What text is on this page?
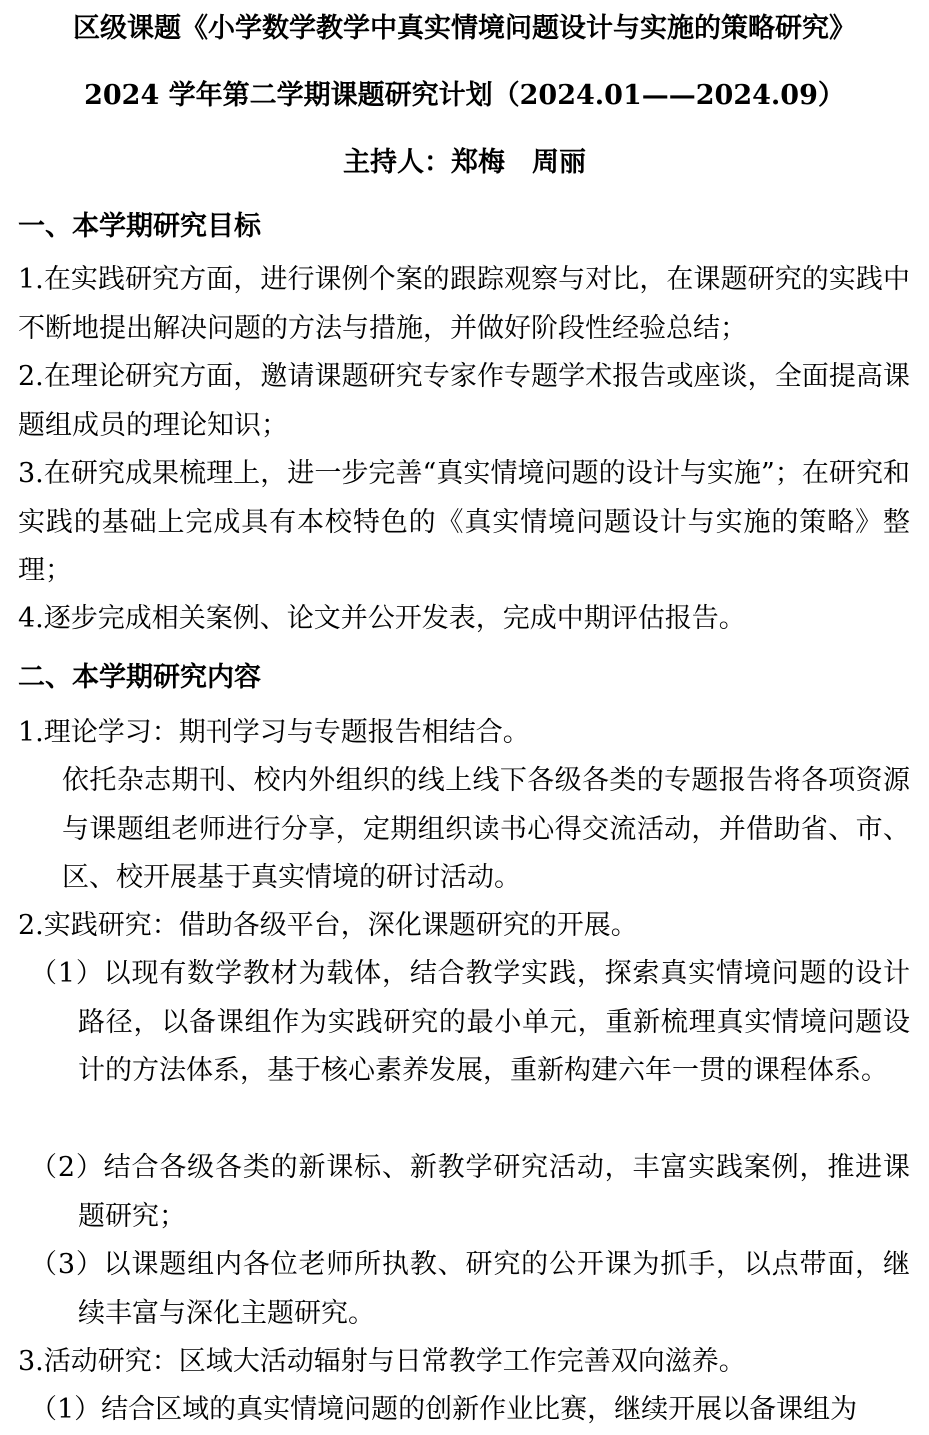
区级课题《小学数学教学中真实情境问题设计与实施的策略研究》
2024 学年第二学期课题研究计划（2024.01——2024.09）
主持人：郑梅　周丽
一、本学期研究目标

1.在实践研究方面，进行课例个案的跟踪观察与对比，在课题研究的实践中不断地提出解决问题的方法与措施，并做好阶段性经验总结；

2.在理论研究方面，邀请课题研究专家作专题学术报告或座谈，全面提高课题组成员的理论知识；

3.在研究成果梳理上，进一步完善“真实情境问题的设计与实施”；在研究和实践的基础上完成具有本校特色的《真实情境问题设计与实施的策略》整理；

4.逐步完成相关案例、论文并公开发表，完成中期评估报告。

二、本学期研究内容

1.理论学习：期刊学习与专题报告相结合。

依托杂志期刊、校内外组织的线上线下各级各类的专题报告将各项资源与课题组老师进行分享，定期组织读书心得交流活动，并借助省、市、区、校开展基于真实情境的研讨活动。

2.实践研究：借助各级平台，深化课题研究的开展。

（1）以现有数学教材为载体，结合教学实践，探索真实情境问题的设计路径，以备课组作为实践研究的最小单元，重新梳理真实情境问题设计的方法体系，基于核心素养发展，重新构建六年一贯的课程体系。

（2）结合各级各类的新课标、新教学研究活动，丰富实践案例，推进课题研究；

（3）以课题组内各位老师所执教、研究的公开课为抓手，以点带面，继续丰富与深化主题研究。

3.活动研究：区域大活动辐射与日常教学工作完善双向滋养。

（1）结合区域的真实情境问题的创新作业比赛，继续开展以备课组为
